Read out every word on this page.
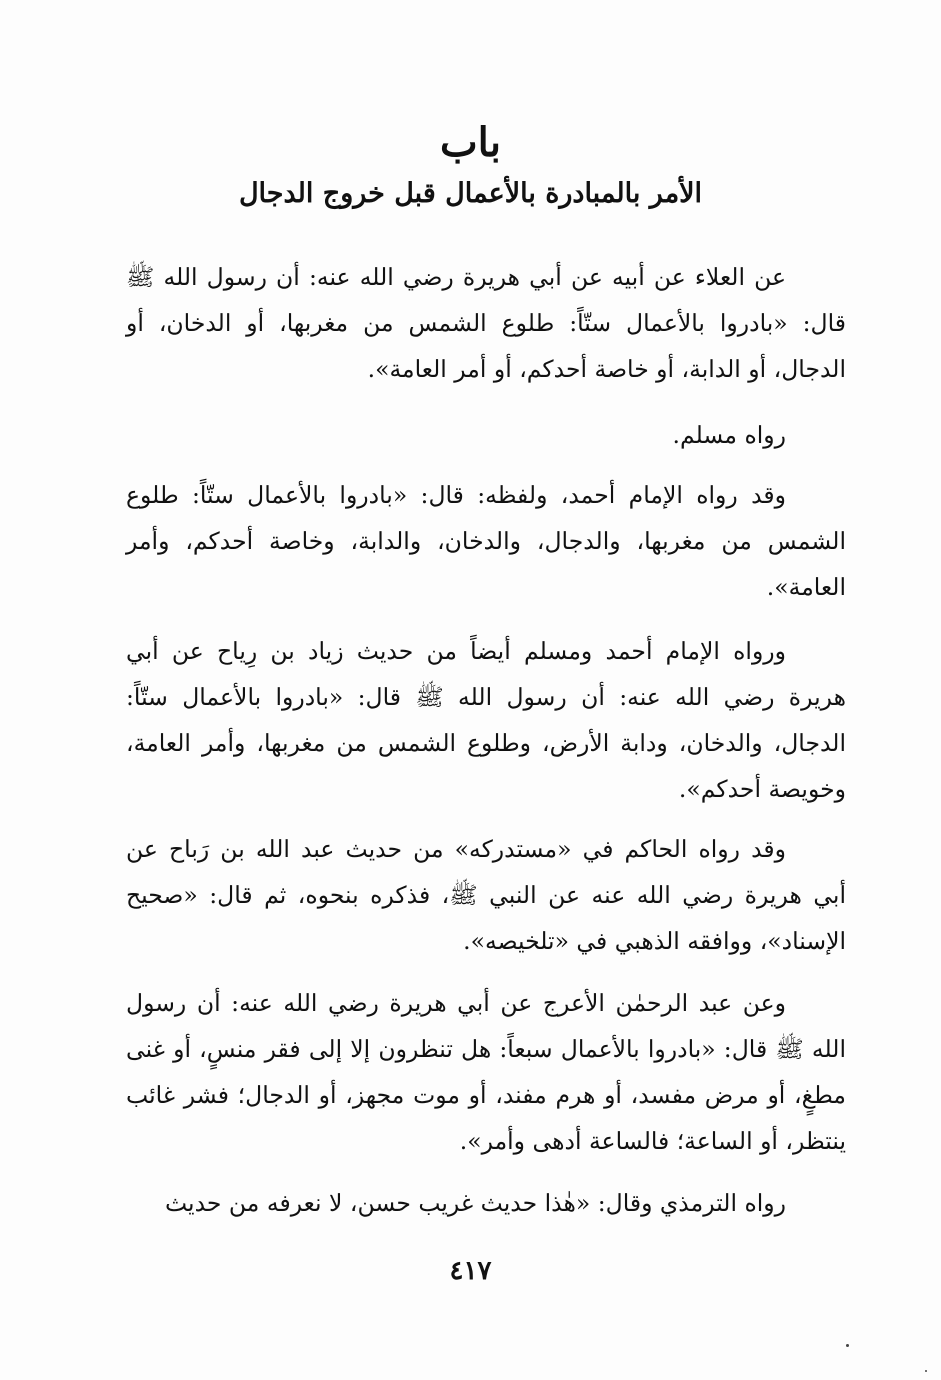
باب
الأمر بالمبادرة بالأعمال قبل خروج الدجال

عن العلاء عن أبيه عن أبي هريرة رضي الله عنه: أن رسول الله ﷺ قال: «بادروا بالأعمال ستّاً: طلوع الشمس من مغربها، أو الدخان، أو الدجال، أو الدابة، أو خاصة أحدكم، أو أمر العامة».

رواه مسلم.

وقد رواه الإمام أحمد، ولفظه: قال: «بادروا بالأعمال ستّاً: طلوع الشمس من مغربها، والدجال، والدخان، والدابة، وخاصة أحدكم، وأمر العامة».

ورواه الإمام أحمد ومسلم أيضاً من حديث زياد بن رِياح عن أبي هريرة رضي الله عنه: أن رسول الله ﷺ قال: «بادروا بالأعمال ستّاً: الدجال، والدخان، ودابة الأرض، وطلوع الشمس من مغربها، وأمر العامة، وخويصة أحدكم».

وقد رواه الحاكم في «مستدركه» من حديث عبد الله بن رَباح عن أبي هريرة رضي الله عنه عن النبي ﷺ، فذكره بنحوه، ثم قال: «صحيح الإسناد»، ووافقه الذهبي في «تلخيصه».

وعن عبد الرحمٰن الأعرج عن أبي هريرة رضي الله عنه: أن رسول الله ﷺ قال: «بادروا بالأعمال سبعاً: هل تنظرون إلا إلى فقر منسٍ، أو غنى مطغٍ، أو مرض مفسد، أو هرم مفند، أو موت مجهز، أو الدجال؛ فشر غائب ينتظر، أو الساعة؛ فالساعة أدهى وأمر».

رواه الترمذي وقال: «هٰذا حديث غريب حسن، لا نعرفه من حديث

٤١٧
